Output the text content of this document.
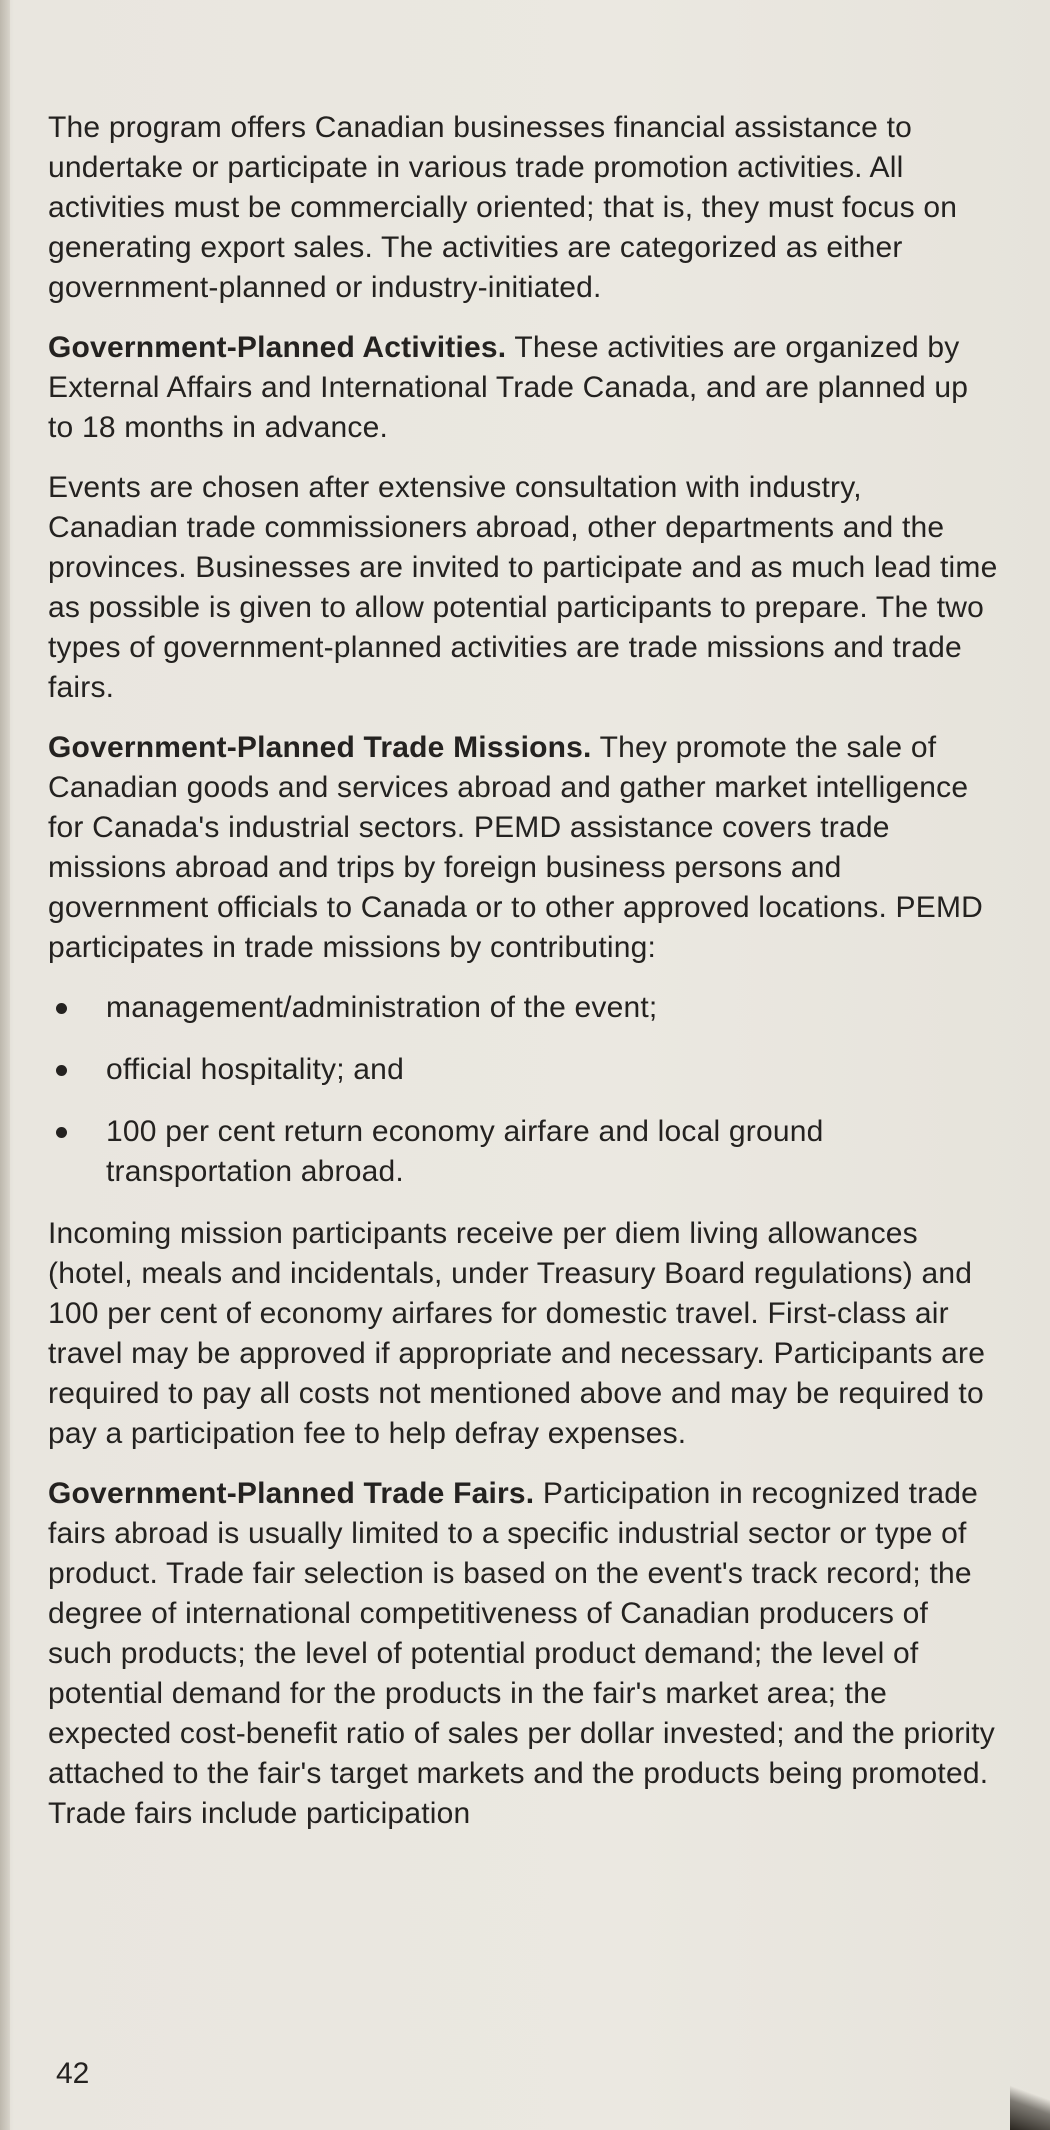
The program offers Canadian businesses financial assistance to undertake or participate in various trade promotion activities. All activities must be commercially oriented; that is, they must focus on generating export sales. The activities are categorized as either government-planned or industry-initiated.

Government-Planned Activities. These activities are organized by External Affairs and International Trade Canada, and are planned up to 18 months in advance.

Events are chosen after extensive consultation with industry, Canadian trade commissioners abroad, other departments and the provinces. Businesses are invited to participate and as much lead time as possible is given to allow potential participants to prepare. The two types of government-planned activities are trade missions and trade fairs.

Government-Planned Trade Missions. They promote the sale of Canadian goods and services abroad and gather market intelligence for Canada's industrial sectors. PEMD assistance covers trade missions abroad and trips by foreign business persons and government officials to Canada or to other approved locations. PEMD participates in trade missions by contributing:

management/administration of the event;
official hospitality; and
100 per cent return economy airfare and local ground transportation abroad.

Incoming mission participants receive per diem living allowances (hotel, meals and incidentals, under Treasury Board regulations) and 100 per cent of economy airfares for domestic travel. First-class air travel may be approved if appropriate and necessary. Participants are required to pay all costs not mentioned above and may be required to pay a participation fee to help defray expenses.

Government-Planned Trade Fairs. Participation in recognized trade fairs abroad is usually limited to a specific industrial sector or type of product. Trade fair selection is based on the event's track record; the degree of international competitiveness of Canadian producers of such products; the level of potential product demand; the level of potential demand for the products in the fair's market area; the expected cost-benefit ratio of sales per dollar invested; and the priority attached to the fair's target markets and the products being promoted. Trade fairs include participation

42
